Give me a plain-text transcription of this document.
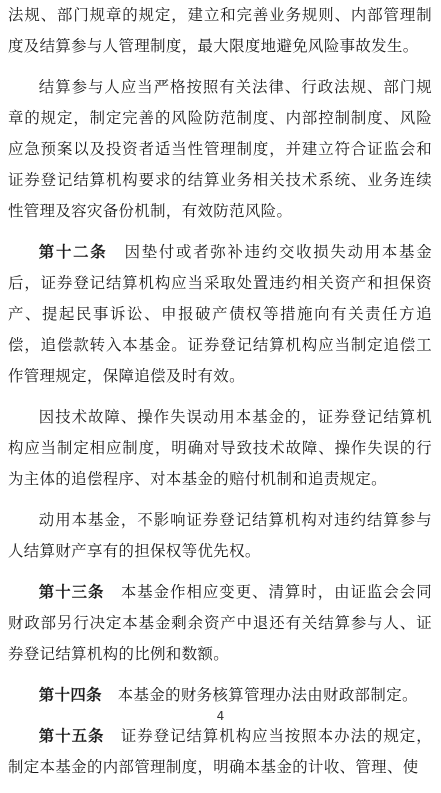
法规、部门规章的规定，建立和完善业务规则、内部管理制度及结算参与人管理制度，最大限度地避免风险事故发生。

结算参与人应当严格按照有关法律、行政法规、部门规章的规定，制定完善的风险防范制度、内部控制制度、风险应急预案以及投资者适当性管理制度，并建立符合证监会和证券登记结算机构要求的结算业务相关技术系统、业务连续性管理及容灾备份机制，有效防范风险。

第十二条  因垫付或者弥补违约交收损失动用本基金后，证券登记结算机构应当采取处置违约相关资产和担保资产、提起民事诉讼、申报破产债权等措施向有关责任方追偿，追偿款转入本基金。证券登记结算机构应当制定追偿工作管理规定，保障追偿及时有效。

因技术故障、操作失误动用本基金的，证券登记结算机构应当制定相应制度，明确对导致技术故障、操作失误的行为主体的追偿程序、对本基金的赔付机制和追责规定。

动用本基金，不影响证券登记结算机构对违约结算参与人结算财产享有的担保权等优先权。

第十三条  本基金作相应变更、清算时，由证监会会同财政部另行决定本基金剩余资产中退还有关结算参与人、证券登记结算机构的比例和数额。

第十四条  本基金的财务核算管理办法由财政部制定。

第十五条  证券登记结算机构应当按照本办法的规定，制定本基金的内部管理制度，明确本基金的计收、管理、使

4
